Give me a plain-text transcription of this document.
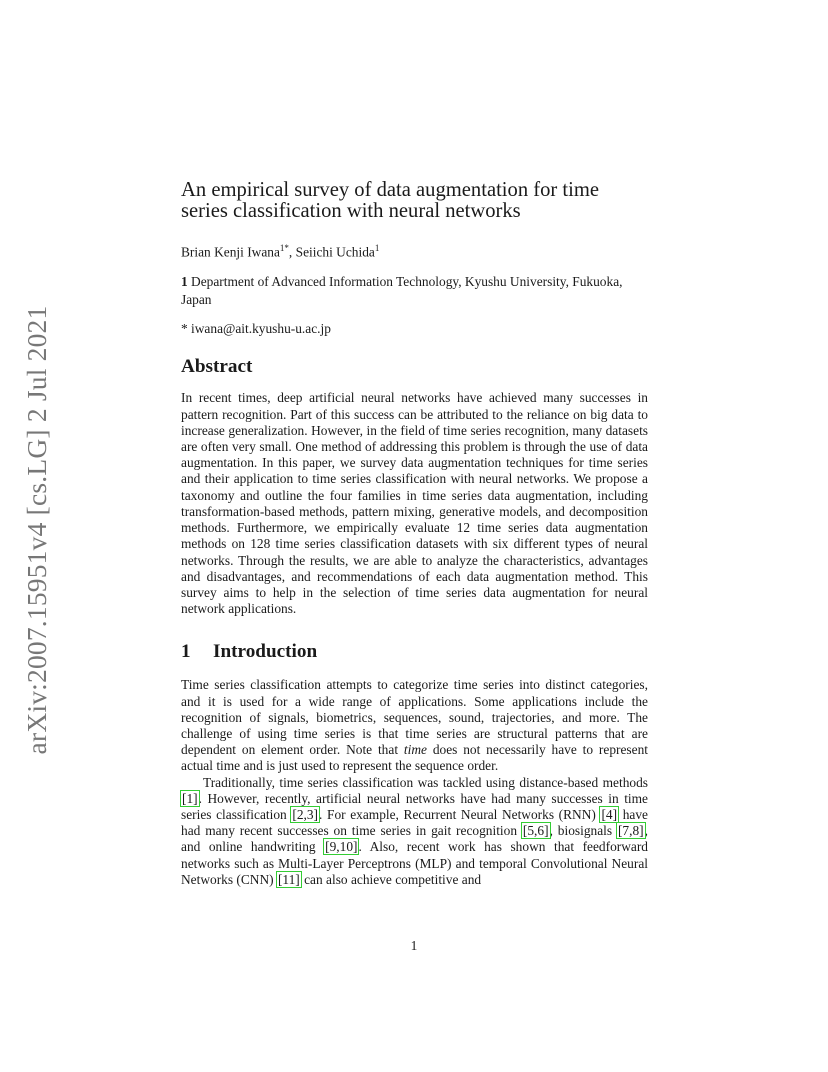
arXiv:2007.15951v4 [cs.LG] 2 Jul 2021
An empirical survey of data augmentation for time series classification with neural networks
Brian Kenji Iwana$^{1*}$, Seiichi Uchida$^1$
1 Department of Advanced Information Technology, Kyushu University, Fukuoka, Japan
* iwana@ait.kyushu-u.ac.jp
Abstract

In recent times, deep artificial neural networks have achieved many successes in pattern recognition. Part of this success can be attributed to the reliance on big data to increase generalization. However, in the field of time series recognition, many datasets are often very small. One method of addressing this problem is through the use of data augmentation. In this paper, we survey data augmentation techniques for time series and their application to time series classification with neural networks. We propose a taxonomy and outline the four families in time series data augmentation, including transformation-based methods, pattern mixing, generative models, and decomposition methods. Furthermore, we empirically evaluate 12 time series data augmentation methods on 128 time series classification datasets with six different types of neural networks. Through the results, we are able to analyze the characteristics, advantages and disadvantages, and recommendations of each data augmentation method. This survey aims to help in the selection of time series data augmentation for neural network applications.

1 Introduction

Time series classification attempts to categorize time series into distinct categories, and it is used for a wide range of applications. Some applications include the recognition of signals, biometrics, sequences, sound, trajectories, and more. The challenge of using time series is that time series are structural patterns that are dependent on element order. Note that time does not necessarily have to represent actual time and is just used to represent the sequence order.

Traditionally, time series classification was tackled using distance-based methods [1]. However, recently, artificial neural networks have had many successes in time series classification [2,3]. For example, Recurrent Neural Networks (RNN) [4] have had many recent successes on time series in gait recognition [5,6], biosignals [7,8], and online handwriting [9,10]. Also, recent work has shown that feedforward networks such as Multi-Layer Perceptrons (MLP) and temporal Convolutional Neural Networks (CNN) [11] can also achieve competitive and

1
